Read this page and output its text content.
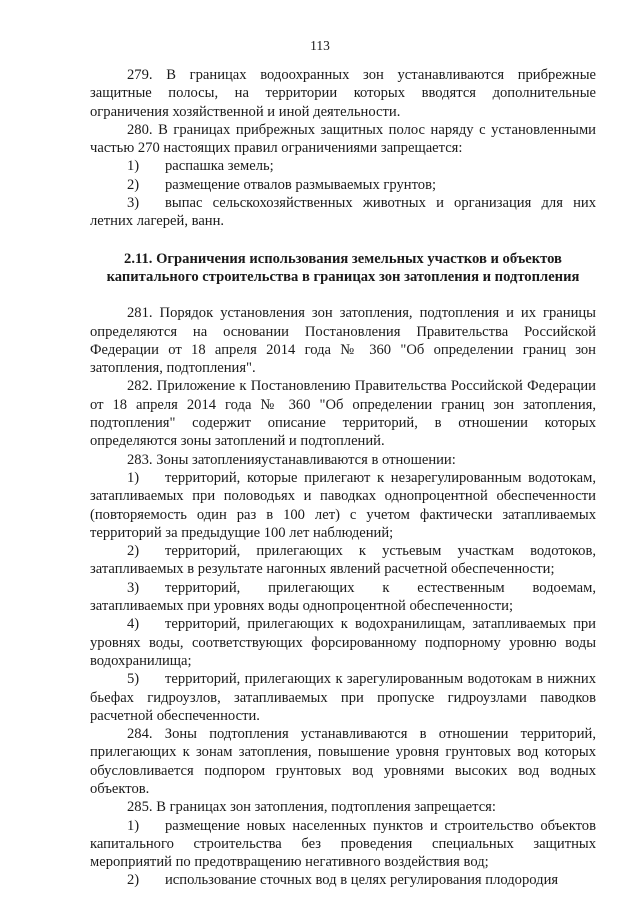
113

279. В границах водоохранных зон устанавливаются прибрежные защитные полосы, на территории которых вводятся дополнительные ограничения хозяйственной и иной деятельности.

280. В границах прибрежных защитных полос наряду с установленными частью 270 настоящих правил ограничениями запрещается:

1) распашка земель;

2) размещение отвалов размываемых грунтов;

3) выпас сельскохозяйственных животных и организация для них летних лагерей, ванн.

2.11. Ограничения использования земельных участков и объектов капитального строительства в границах зон затопления и подтопления

281. Порядок установления зон затопления, подтопления и их границы определяются на основании Постановления Правительства Российской Федерации от 18 апреля 2014 года № 360 "Об определении границ зон затопления, подтопления".

282. Приложение к Постановлению Правительства Российской Федерации от 18 апреля 2014 года № 360 "Об определении границ зон затопления, подтопления" содержит описание территорий, в отношении которых определяются зоны затоплений и подтоплений.

283. Зоны затопленияустанавливаются в отношении:

1) территорий, которые прилегают к незарегулированным водотокам, затапливаемых при половодьях и паводках однопроцентной обеспеченности (повторяемость один раз в 100 лет) с учетом фактически затапливаемых территорий за предыдущие 100 лет наблюдений;

2) территорий, прилегающих к устьевым участкам водотоков, затапливаемых в результате нагонных явлений расчетной обеспеченности;

3) территорий, прилегающих к естественным водоемам, затапливаемых при уровнях воды однопроцентной обеспеченности;

4) территорий, прилегающих к водохранилищам, затапливаемых при уровнях воды, соответствующих форсированному подпорному уровню воды водохранилища;

5) территорий, прилегающих к зарегулированным водотокам в нижних бьефах гидроузлов, затапливаемых при пропуске гидроузлами паводков расчетной обеспеченности.

284. Зоны подтопления устанавливаются в отношении территорий, прилегающих к зонам затопления, повышение уровня грунтовых вод которых обусловливается подпором грунтовых вод уровнями высоких вод водных объектов.

285. В границах зон затопления, подтопления запрещается:

1) размещение новых населенных пунктов и строительство объектов капитального строительства без проведения специальных защитных мероприятий по предотвращению негативного воздействия вод;

2) использование сточных вод в целях регулирования плодородия
